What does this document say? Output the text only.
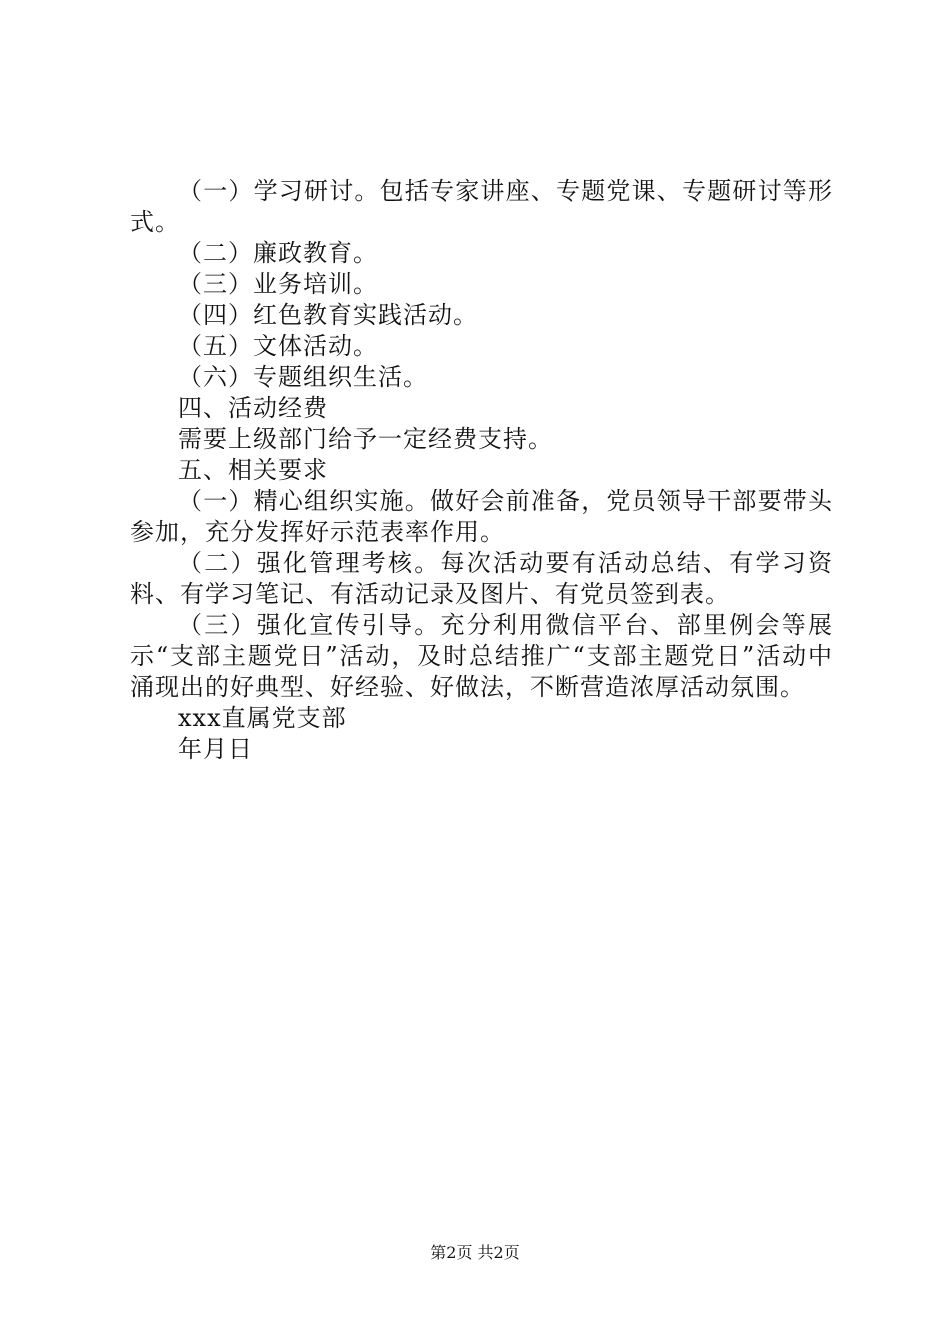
（一）学习研讨。包括专家讲座、专题党课、专题研讨等形式。

（二）廉政教育。

（三）业务培训。

（四）红色教育实践活动。

（五）文体活动。

（六）专题组织生活。

四、活动经费

需要上级部门给予一定经费支持。

五、相关要求

（一）精心组织实施。做好会前准备，党员领导干部要带头参加，充分发挥好示范表率作用。

（二）强化管理考核。每次活动要有活动总结、有学习资料、有学习笔记、有活动记录及图片、有党员签到表。

（三）强化宣传引导。充分利用微信平台、部里例会等展示“支部主题党日”活动，及时总结推广“支部主题党日”活动中涌现出的好典型、好经验、好做法，不断营造浓厚活动氛围。

xxx直属党支部

年月日

第2页 共2页
